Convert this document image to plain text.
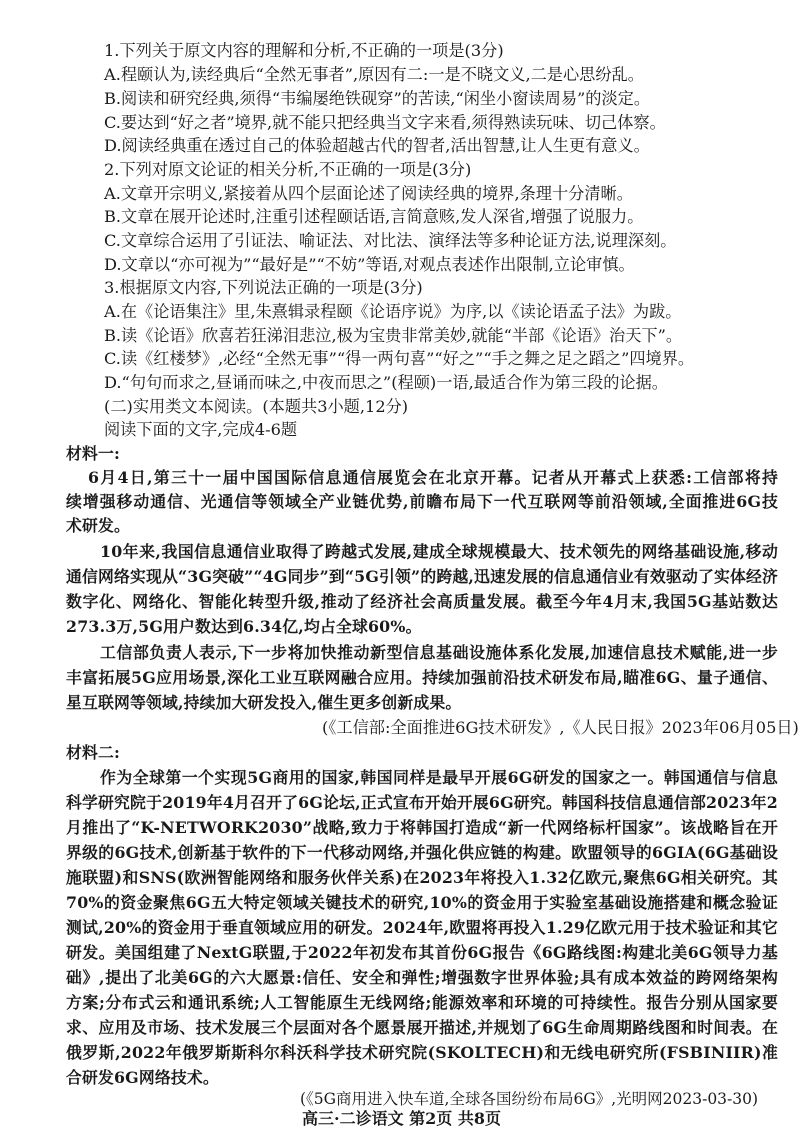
1.下列关于原文内容的理解和分析,不正确的一项是(3分)
A.程颐认为,读经典后“全然无事者”,原因有二:一是不晓文义,二是心思纷乱。
B.阅读和研究经典,须得“韦编屡绝铁砚穿”的苦读,“闲坐小窗读周易”的淡定。
C.要达到“好之者”境界,就不能只把经典当文字来看,须得熟读玩味、切己体察。
D.阅读经典重在透过自己的体验超越古代的智者,活出智慧,让人生更有意义。
2.下列对原文论证的相关分析,不正确的一项是(3分)
A.文章开宗明义,紧接着从四个层面论述了阅读经典的境界,条理十分清晰。
B.文章在展开论述时,注重引述程颐话语,言简意赅,发人深省,增强了说服力。
C.文章综合运用了引证法、喻证法、对比法、演绎法等多种论证方法,说理深刻。
D.文章以“亦可视为”“最好是”“不妨”等语,对观点表述作出限制,立论审慎。
3.根据原文内容,下列说法正确的一项是(3分)
A.在《论语集注》里,朱熹辑录程颐《论语序说》为序,以《读论语孟子法》为跋。
B.读《论语》欣喜若狂涕泪悲泣,极为宝贵非常美妙,就能“半部《论语》治天下”。
C.读《红楼梦》,必经“全然无事”“得一两句喜”“好之”“手之舞之足之蹈之”四境界。
D.“句句而求之,昼诵而味之,中夜而思之”(程颐)一语,最适合作为第三段的论据。
(二)实用类文本阅读。(本题共3小题,12分)
阅读下面的文字,完成4-6题
材料一:
6月4日,第三十一届中国国际信息通信展览会在北京开幕。记者从开幕式上获悉:工信部将持
续增强移动通信、光通信等领域全产业链优势,前瞻布局下一代互联网等前沿领域,全面推进6G技
术研发。
10年来,我国信息通信业取得了跨越式发展,建成全球规模最大、技术领先的网络基础设施,移动
通信网络实现从“3G突破”“4G同步”到“5G引领”的跨越,迅速发展的信息通信业有效驱动了实体经济
数字化、网络化、智能化转型升级,推动了经济社会高质量发展。截至今年4月末,我国5G基站数达
273.3万,5G用户数达到6.34亿,均占全球60%。
工信部负责人表示,下一步将加快推动新型信息基础设施体系化发展,加速信息技术赋能,进一步
丰富拓展5G应用场景,深化工业互联网融合应用。持续加强前沿技术研发布局,瞄准6G、量子通信、
星互联网等领域,持续加大研发投入,催生更多创新成果。
(《工信部:全面推进6G技术研发》,《人民日报》2023年06月05日)
材料二:
作为全球第一个实现5G商用的国家,韩国同样是最早开展6G研发的国家之一。韩国通信与信息
科学研究院于2019年4月召开了6G论坛,正式宣布开始开展6G研究。韩国科技信息通信部2023年2
月推出了“K-NETWORK2030”战略,致力于将韩国打造成“新一代网络标杆国家”。该战略旨在开
界级的6G技术,创新基于软件的下一代移动网络,并强化供应链的构建。欧盟领导的6GIA(6G基础设
施联盟)和SNS(欧洲智能网络和服务伙伴关系)在2023年将投入1.32亿欧元,聚焦6G相关研究。其
70%的资金聚焦6G五大特定领域关键技术的研究,10%的资金用于实验室基础设施搭建和概念验证
测试,20%的资金用于垂直领域应用的研发。2024年,欧盟将再投入1.29亿欧元用于技术验证和其它
研发。美国组建了NextG联盟,于2022年初发布其首份6G报告《6G路线图:构建北美6G领导力基
础》,提出了北美6G的六大愿景:信任、安全和弹性;增强数字世界体验;具有成本效益的跨网络架构
方案;分布式云和通讯系统;人工智能原生无线网络;能源效率和环境的可持续性。报告分别从国家要
求、应用及市场、技术发展三个层面对各个愿景展开描述,并规划了6G生命周期路线图和时间表。在
俄罗斯,2022年俄罗斯斯科尔科沃科学技术研究院(SKOLTECH)和无线电研究所(FSBINIIR)准
合研发6G网络技术。
(《5G商用进入快车道,全球各国纷纷布局6G》,光明网2023-03-30)
高三·二诊语文 第2页 共8页
